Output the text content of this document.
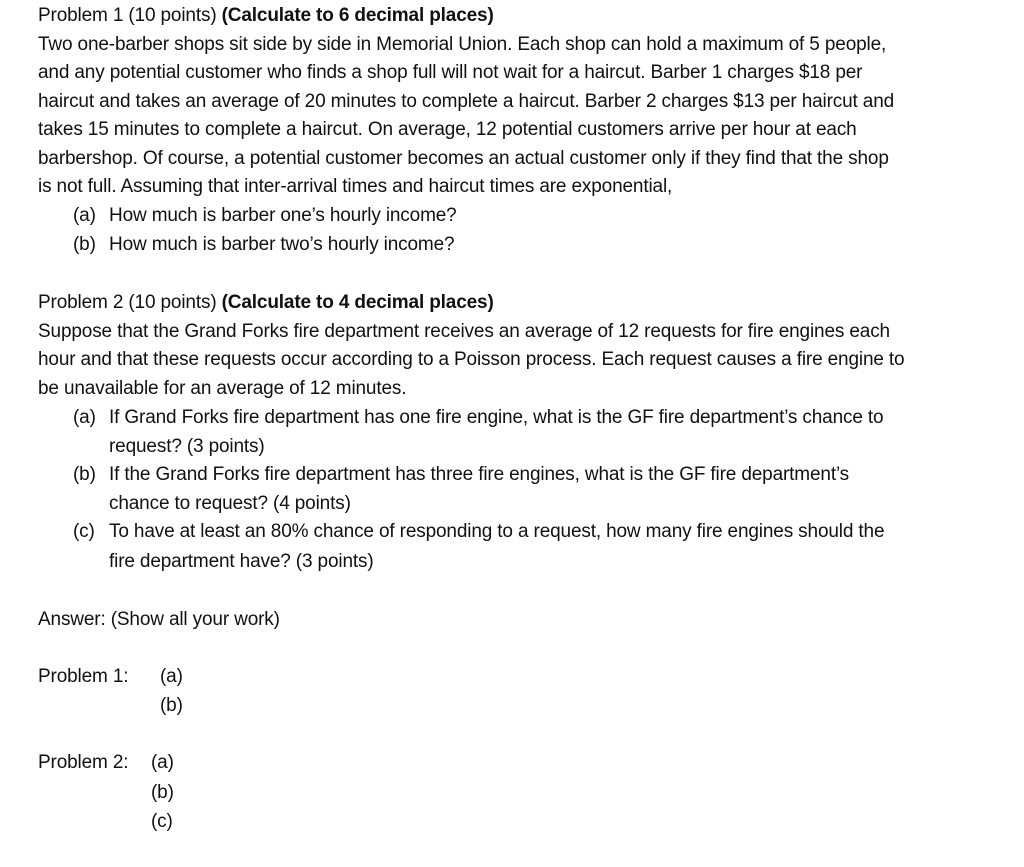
Problem 1 (10 points) (Calculate to 6 decimal places)
Two one-barber shops sit side by side in Memorial Union. Each shop can hold a maximum of 5 people,
and any potential customer who finds a shop full will not wait for a haircut. Barber 1 charges $18 per
haircut and takes an average of 20 minutes to complete a haircut. Barber 2 charges $13 per haircut and
takes 15 minutes to complete a haircut. On average, 12 potential customers arrive per hour at each
barbershop. Of course, a potential customer becomes an actual customer only if they find that the shop
is not full. Assuming that inter-arrival times and haircut times are exponential,
(a) How much is barber one’s hourly income?
(b) How much is barber two’s hourly income?
Problem 2 (10 points) (Calculate to 4 decimal places)
Suppose that the Grand Forks fire department receives an average of 12 requests for fire engines each
hour and that these requests occur according to a Poisson process. Each request causes a fire engine to
be unavailable for an average of 12 minutes.
(a) If Grand Forks fire department has one fire engine, what is the GF fire department’s chance to
request? (3 points)
(b) If the Grand Forks fire department has three fire engines, what is the GF fire department’s
chance to request? (4 points)
(c) To have at least an 80% chance of responding to a request, how many fire engines should the
fire department have? (3 points)
Answer: (Show all your work)
Problem 1: (a)
(b)
Problem 2: (a)
(b)
(c)
